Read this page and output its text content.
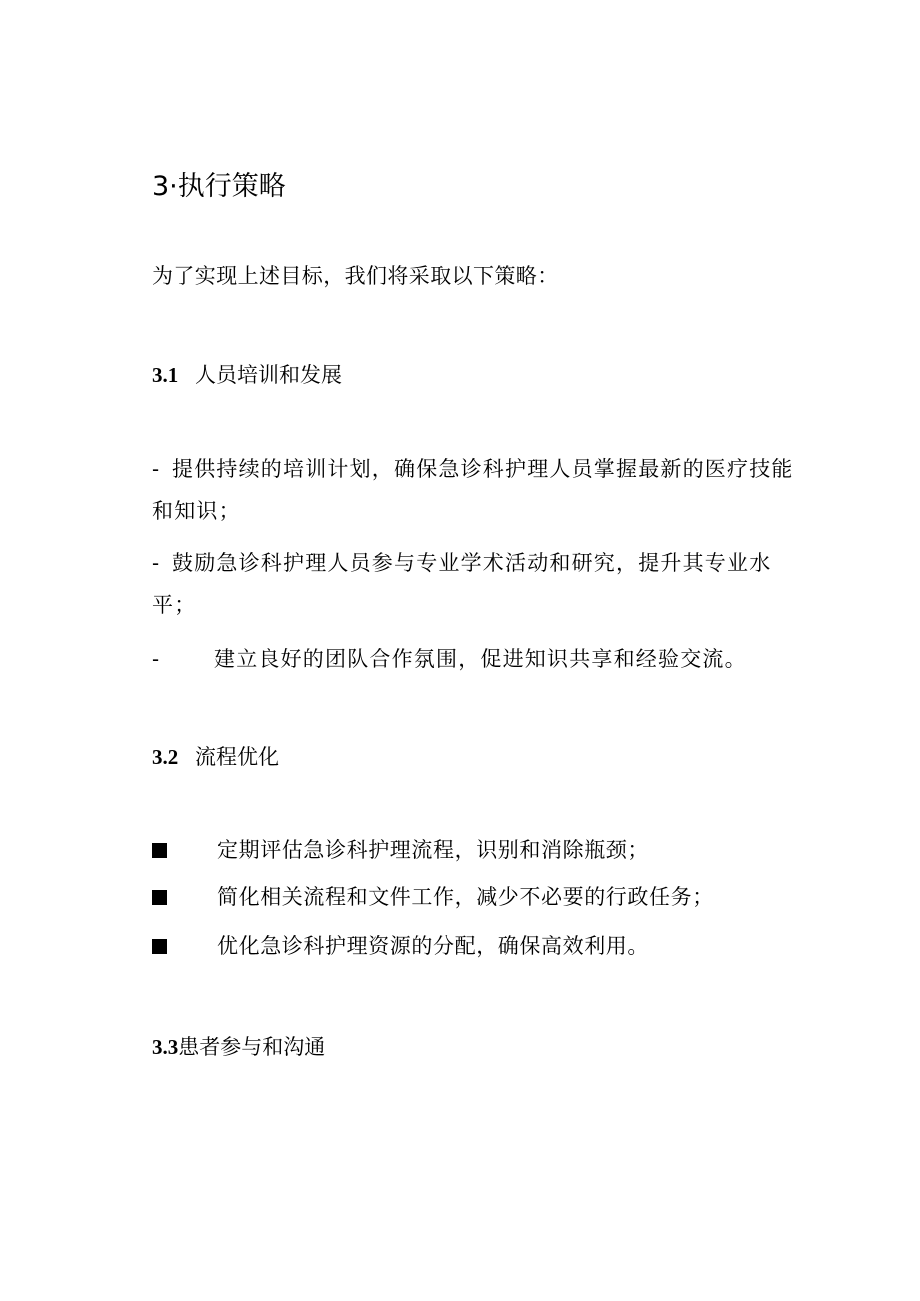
3·执行策略
为了实现上述目标，我们将采取以下策略：
3.1 人员培训和发展
- 提供持续的培训计划，确保急诊科护理人员掌握最新的医疗技能和知识；
- 鼓励急诊科护理人员参与专业学术活动和研究，提升其专业水平；
-	建立良好的团队合作氛围，促进知识共享和经验交流。
3.2 流程优化
定期评估急诊科护理流程，识别和消除瓶颈；
简化相关流程和文件工作，减少不必要的行政任务；
优化急诊科护理资源的分配，确保高效利用。
3.3患者参与和沟通
